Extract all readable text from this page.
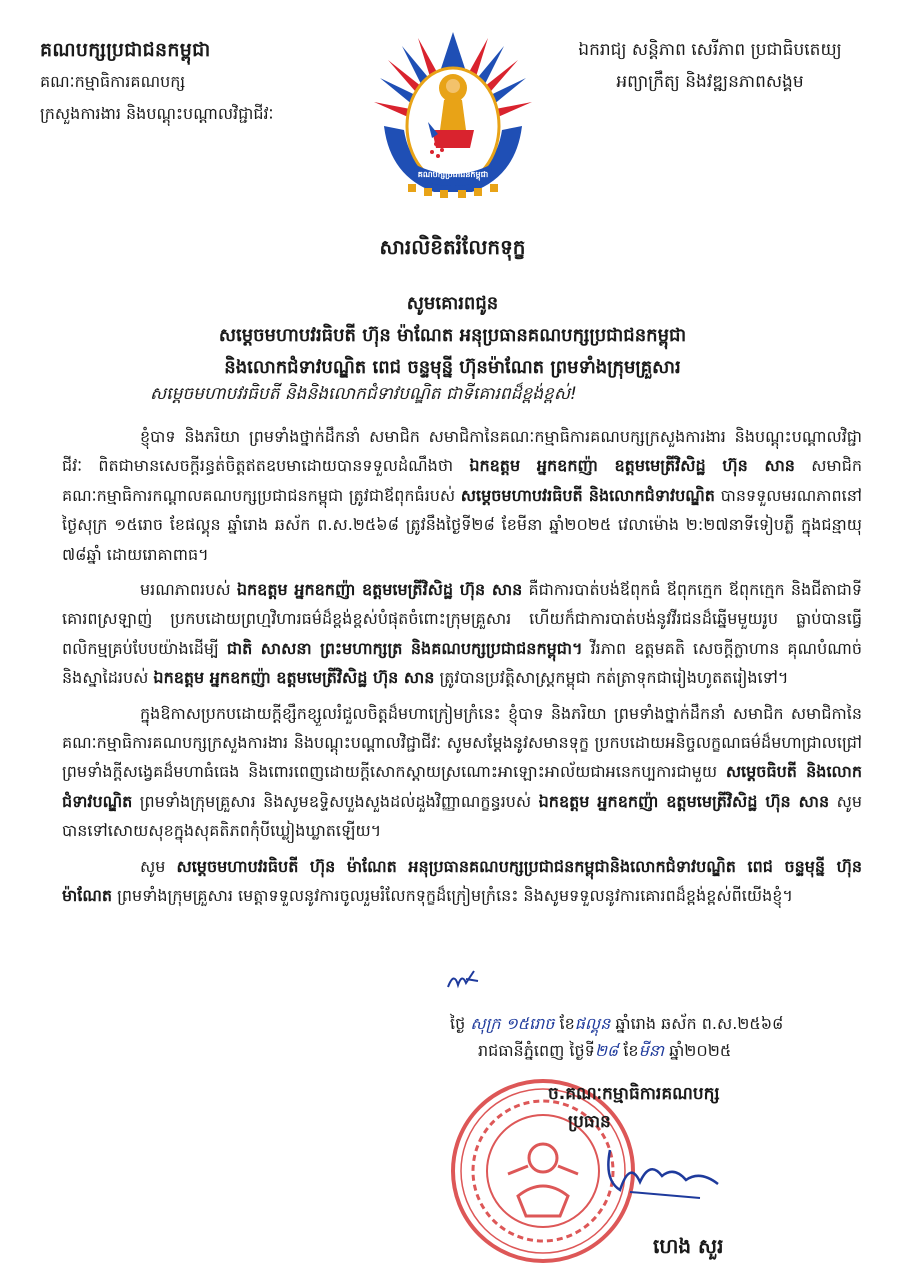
គណបក្សប្រជាជនកម្ពុជា
គណៈកម្មាធិការគណបក្ស
ក្រសួងការងារ និងបណ្ដុះបណ្ដាលវិជ្ជាជីវៈ
គណបក្សប្រជាជនកម្ពុជា
ឯករាជ្យ សន្តិភាព សេរីភាព ប្រជាធិបតេយ្យ
អព្យាក្រឹត្យ និងវឌ្ឍនភាពសង្គម
សារលិខិតរំលែកទុក្ខ
សូមគោរពជូន
សម្ដេចមហាបវរធិបតី ហ៊ុន ម៉ាណែត អនុប្រធានគណបក្សប្រជាជនកម្ពុជា
និងលោកជំទាវបណ្ឌិត ពេជ ចន្ទមុន្នី ហ៊ុនម៉ាណែត ព្រមទាំងក្រុមគ្រួសារ
សម្ដេចមហាបវរធិបតី និងនិងលោកជំទាវបណ្ឌិត ជាទីគោរពដ៏ខ្ពង់ខ្ពស់!

ខ្ញុំបាទ និងភរិយា ព្រមទាំងថ្នាក់ដឹកនាំ សមាជិក សមាជិកានៃគណៈកម្មាធិការគណបក្សក្រសួងការងារ និងបណ្ដុះបណ្ដាលវិជ្ជាជីវៈ ពិតជាមានសេចក្ដីរន្ធត់ចិត្តឥតឧបមាដោយបានទទួលដំណឹងថា ឯកឧត្តម អ្នកឧកញ៉ា ឧត្តមមេត្រីវិសិដ្ឋ ហ៊ុន សាន សមាជិកគណៈកម្មាធិការកណ្ដាលគណបក្សប្រជាជនកម្ពុជា ត្រូវជាឪពុកធំរបស់ សម្ដេចមហាបវរធិបតី និងលោកជំទាវបណ្ឌិត បានទទួលមរណភាពនៅថ្ងៃសុក្រ ១៥រោច ខែផល្គុន ឆ្នាំរោង ឆស័ក ព.ស.២៥៦៨ ត្រូវនឹងថ្ងៃទី២៨ ខែមីនា ឆ្នាំ២០២៥ វេលាម៉ោង ២:២៧នាទីទៀបភ្លឺ ក្នុងជន្មាយុ ៧៨ឆ្នាំ ដោយរោគាពាធ។

មរណភាពរបស់ ឯកឧត្តម អ្នកឧកញ៉ា ឧត្តមមេត្រីវិសិដ្ឋ ហ៊ុន សាន គឺជាការបាត់បង់ឪពុកធំ ឪពុកក្មេក ឪពុកក្មេក និងជីតាជាទីគោរពស្រឡាញ់ ប្រកបដោយព្រហ្មវិហារធម៌ដ៏ខ្ពង់ខ្ពស់បំផុតចំពោះក្រុមគ្រួសារ ហើយក៏ជាការបាត់បង់នូវវីរជនដ៏ឆ្នើមមួយរូប ធ្លាប់បានធ្វើពលិកម្មគ្រប់បែបយ៉ាងដើម្បី ជាតិ សាសនា ព្រះមហាក្សត្រ និងគណបក្សប្រជាជនកម្ពុជា។ វីរភាព ឧត្តមគតិ សេចក្ដីក្លាហាន គុណបំណាច់ និងស្នាដៃរបស់ ឯកឧត្តម អ្នកឧកញ៉ា ឧត្តមមេត្រីវិសិដ្ឋ ហ៊ុន សាន ត្រូវបានប្រវត្តិសាស្ត្រកម្ពុជា កត់ត្រាទុកជារៀងហូតតរៀងទៅ។

ក្នុងឱកាសប្រកបដោយក្ដីខ្សឹកខ្សួលរំជួលចិត្តដ៏មហាក្រៀមក្រំនេះ ខ្ញុំបាទ និងភរិយា ព្រមទាំងថ្នាក់ដឹកនាំ សមាជិក សមាជិកានៃគណៈកម្មាធិការគណបក្សក្រសួងការងារ និងបណ្ដុះបណ្ដាលវិជ្ជាជីវៈ សូមសម្ដែងនូវសមានទុក្ខ ប្រកបដោយអនិច្ចលក្ខណធម៌ដ៏មហាជ្រាលជ្រៅ ព្រមទាំងក្ដីសង្វេគដ៏មហាធំធេង និងពោរពេញដោយក្ដីសោកស្ដាយស្រណោះអាឡោះអាល័យជាអនេកប្បការជាមួយ សម្ដេចធិបតី និងលោកជំទាវបណ្ឌិត ព្រមទាំងក្រុមគ្រួសារ និងសូមឧទ្ទិសបួងសួងដល់ដួងវិញ្ញាណក្ខន្ធរបស់ ឯកឧត្តម អ្នកឧកញ៉ា ឧត្តមមេត្រីវិសិដ្ឋ ហ៊ុន សាន សូមបានទៅសោយសុខក្នុងសុគតិភពកុំបីឃ្លៀងឃ្លាតឡើយ។

សូម សម្ដេចមហាបវរធិបតី ហ៊ុន ម៉ាណែត អនុប្រធានគណបក្សប្រជាជនកម្ពុជានិងលោកជំទាវបណ្ឌិត ពេជ ចន្ទមុន្នី ហ៊ុនម៉ាណែត ព្រមទាំងក្រុមគ្រួសារ មេត្តាទទួលនូវការចូលរួមរំលែកទុក្ខដ៏ក្រៀមក្រំនេះ និងសូមទទួលនូវការគោរពដ៏ខ្ពង់ខ្ពស់ពីយើងខ្ញុំ។

ថ្ងៃ សុក្រ ១៥រោច ខែផល្គុន ឆ្នាំរោង ឆស័ក ព.ស.២៥៦៨
រាជធានីភ្នំពេញ ថ្ងៃទី២៨ ខែមីនា ឆ្នាំ២០២៥
ច.គណៈកម្មាធិការគណបក្ស
ប្រធាន
ហេង សួរ
